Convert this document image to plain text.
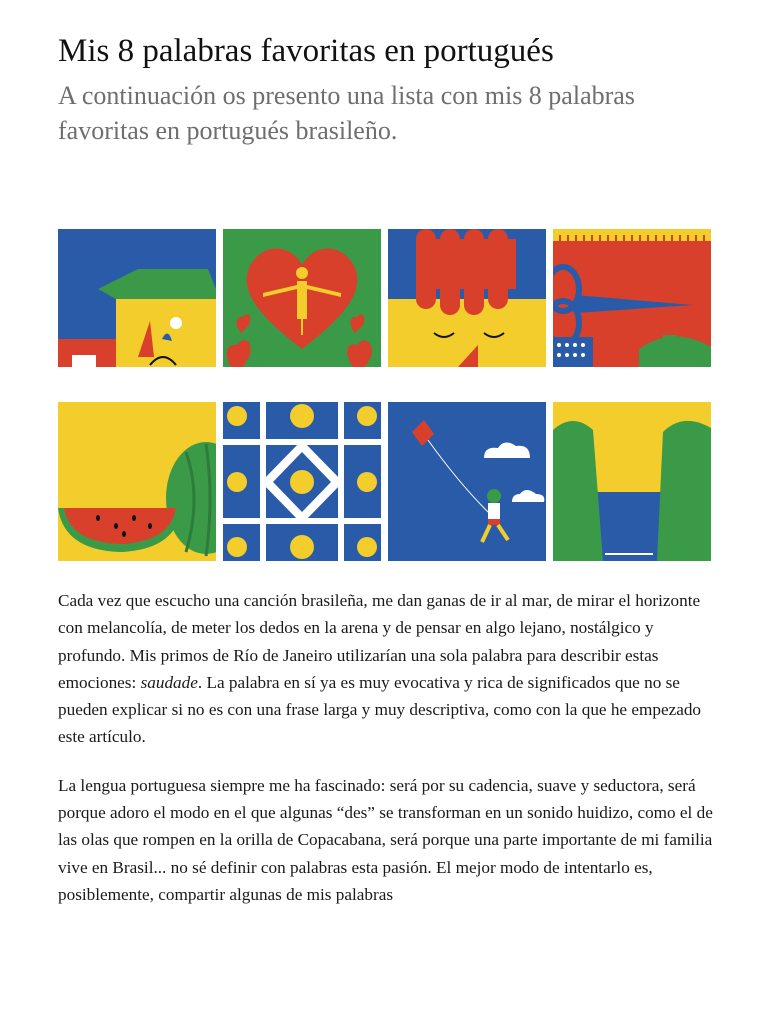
Mis 8 palabras favoritas en portugués
A continuación os presento una lista con mis 8 palabras favoritas en portugués brasileño.

Cada vez que escucho una canción brasileña, me dan ganas de ir al mar, de mirar el horizonte con melancolía, de meter los dedos en la arena y de pensar en algo lejano, nostálgico y profundo. Mis primos de Río de Janeiro utilizarían una sola palabra para describir estas emociones: saudade. La palabra en sí ya es muy evocativa y rica de significados que no se pueden explicar si no es con una frase larga y muy descriptiva, como con la que he empezado este artículo.

La lengua portuguesa siempre me ha fascinado: será por su cadencia, suave y seductora, será porque adoro el modo en el que algunas “des” se transforman en un sonido huidizo, como el de las olas que rompen en la orilla de Copacabana, será porque una parte importante de mi familia vive en Brasil... no sé definir con palabras esta pasión. El mejor modo de intentarlo es, posiblemente, compartir algunas de mis palabras
